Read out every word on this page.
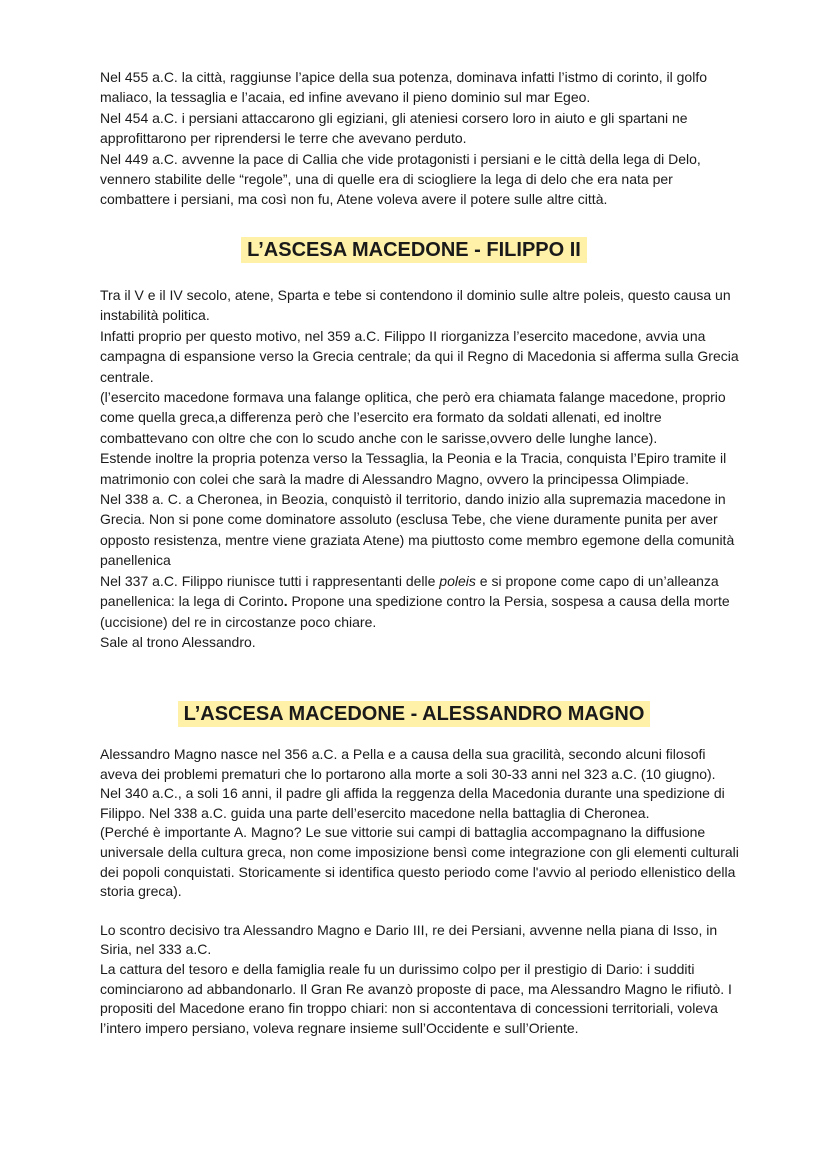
Nel 455 a.C. la città, raggiunse l’apice della sua potenza, dominava infatti l’istmo di corinto, il golfo maliaco, la tessaglia e l’acaia, ed infine avevano il pieno dominio sul mar Egeo.

Nel 454 a.C. i persiani attaccarono gli egiziani, gli ateniesi corsero loro in aiuto e gli spartani ne approfittarono per riprendersi le terre che avevano perduto.

Nel 449 a.C. avvenne la pace di Callia che vide protagonisti i persiani e le città della lega di Delo, vennero stabilite delle “regole”, una di quelle era di sciogliere la lega di delo che era nata per combattere i persiani, ma così non fu, Atene voleva avere il potere sulle altre città.

L’ASCESA MACEDONE - FILIPPO II

Tra il V e il IV secolo, atene, Sparta e tebe si contendono il dominio sulle altre poleis, questo causa un instabilità politica.

Infatti proprio per questo motivo, nel 359 a.C. Filippo II riorganizza l’esercito macedone, avvia una campagna di espansione verso la Grecia centrale; da qui il Regno di Macedonia si afferma sulla Grecia centrale.

(l’esercito macedone formava una falange oplitica, che però era chiamata falange macedone, proprio come quella greca,a differenza però che l’esercito era formato da soldati allenati, ed inoltre combattevano con oltre che con lo scudo anche con le sarisse,ovvero delle lunghe lance).

Estende inoltre la propria potenza verso la Tessaglia, la Peonia e la Tracia, conquista l’Epiro tramite il matrimonio con colei che sarà la madre di Alessandro Magno, ovvero la principessa Olimpiade.

Nel 338 a. C. a Cheronea, in Beozia, conquistò il territorio, dando inizio alla supremazia macedone in Grecia. Non si pone come dominatore assoluto (esclusa Tebe, che viene duramente punita per aver opposto resistenza, mentre viene graziata Atene) ma piuttosto come membro egemone della comunità panellenica

Nel 337 a.C. Filippo riunisce tutti i rappresentanti delle poleis e si propone come capo di un’alleanza panellenica: la lega di Corinto. Propone una spedizione contro la Persia, sospesa a causa della morte (uccisione) del re in circostanze poco chiare.

Sale al trono Alessandro.

L’ASCESA MACEDONE - ALESSANDRO MAGNO

Alessandro Magno nasce nel 356 a.C. a Pella e a causa della sua gracilità, secondo alcuni filosofi aveva dei problemi prematuri che lo portarono alla morte a soli 30-33 anni nel 323 a.C. (10 giugno).

Nel 340 a.C., a soli 16 anni, il padre gli affida la reggenza della Macedonia durante una spedizione di Filippo. Nel 338 a.C. guida una parte dell’esercito macedone nella battaglia di Cheronea.

(Perché è importante A. Magno? Le sue vittorie sui campi di battaglia accompagnano la diffusione universale della cultura greca, non come imposizione bensì come integrazione con gli elementi culturali dei popoli conquistati. Storicamente si identifica questo periodo come l'avvio al periodo ellenistico della storia greca).

Lo scontro decisivo tra Alessandro Magno e Dario III, re dei Persiani, avvenne nella piana di Isso, in Siria, nel 333 a.C.

La cattura del tesoro e della famiglia reale fu un durissimo colpo per il prestigio di Dario: i sudditi cominciarono ad abbandonarlo. Il Gran Re avanzò proposte di pace, ma Alessandro Magno le rifiutò. I propositi del Macedone erano fin troppo chiari: non si accontentava di concessioni territoriali, voleva l’intero impero persiano, voleva regnare insieme sull’Occidente e sull’Oriente.
